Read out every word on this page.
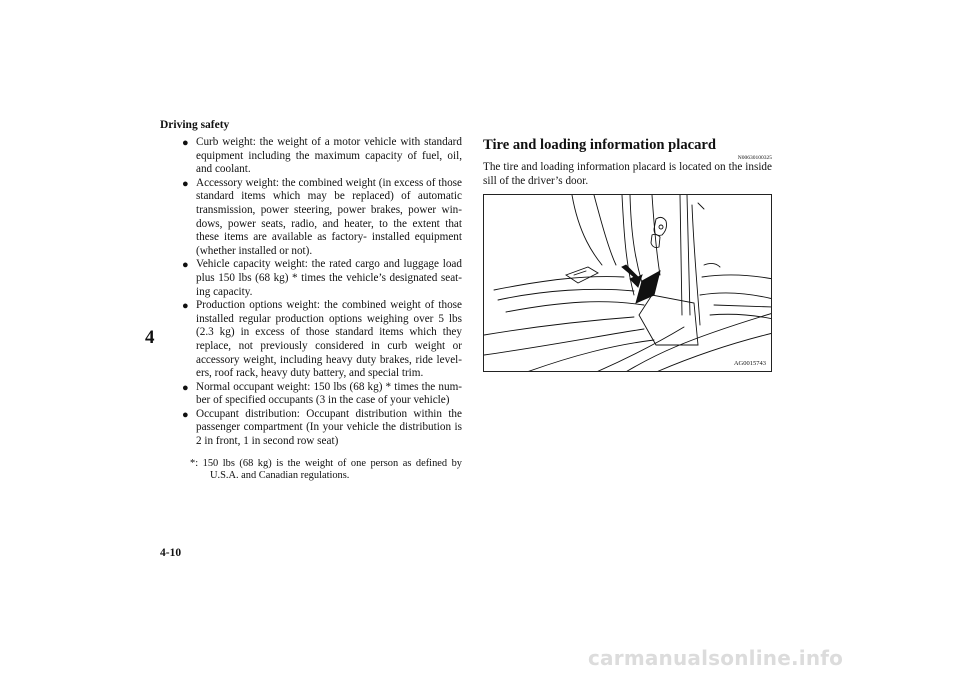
Driving safety
4

● Curb weight: the weight of a motor vehicle with standard equipment including the maximum capacity of fuel, oil, and coolant.

● Accessory weight: the combined weight (in excess of those standard items which may be replaced) of automatic transmission, power steering, power brakes, power win-dows, power seats, radio, and heater, to the extent that these items are available as factory- installed equipment (whether installed or not).

● Vehicle capacity weight: the rated cargo and luggage load plus 150 lbs (68 kg) * times the vehicle’s designated seat-ing capacity.

● Production options weight: the combined weight of those installed regular production options weighing over 5 lbs (2.3 kg) in excess of those standard items which they replace, not previously considered in curb weight or accessory weight, including heavy duty brakes, ride level-ers, roof rack, heavy duty battery, and special trim.

● Normal occupant weight: 150 lbs (68 kg) * times the num-ber of specified occupants (3 in the case of your vehicle)

● Occupant distribution: Occupant distribution within the passenger compartment (In your vehicle the distribution is 2 in front, 1 in second row seat)

*: 150 lbs (68 kg) is the weight of one person as defined by U.S.A. and Canadian regulations.

Tire and loading information placard
N00630100325
The tire and loading information placard is located on the inside sill of the driver’s door.
AG0015743
4-10
carmanualsonline.info
